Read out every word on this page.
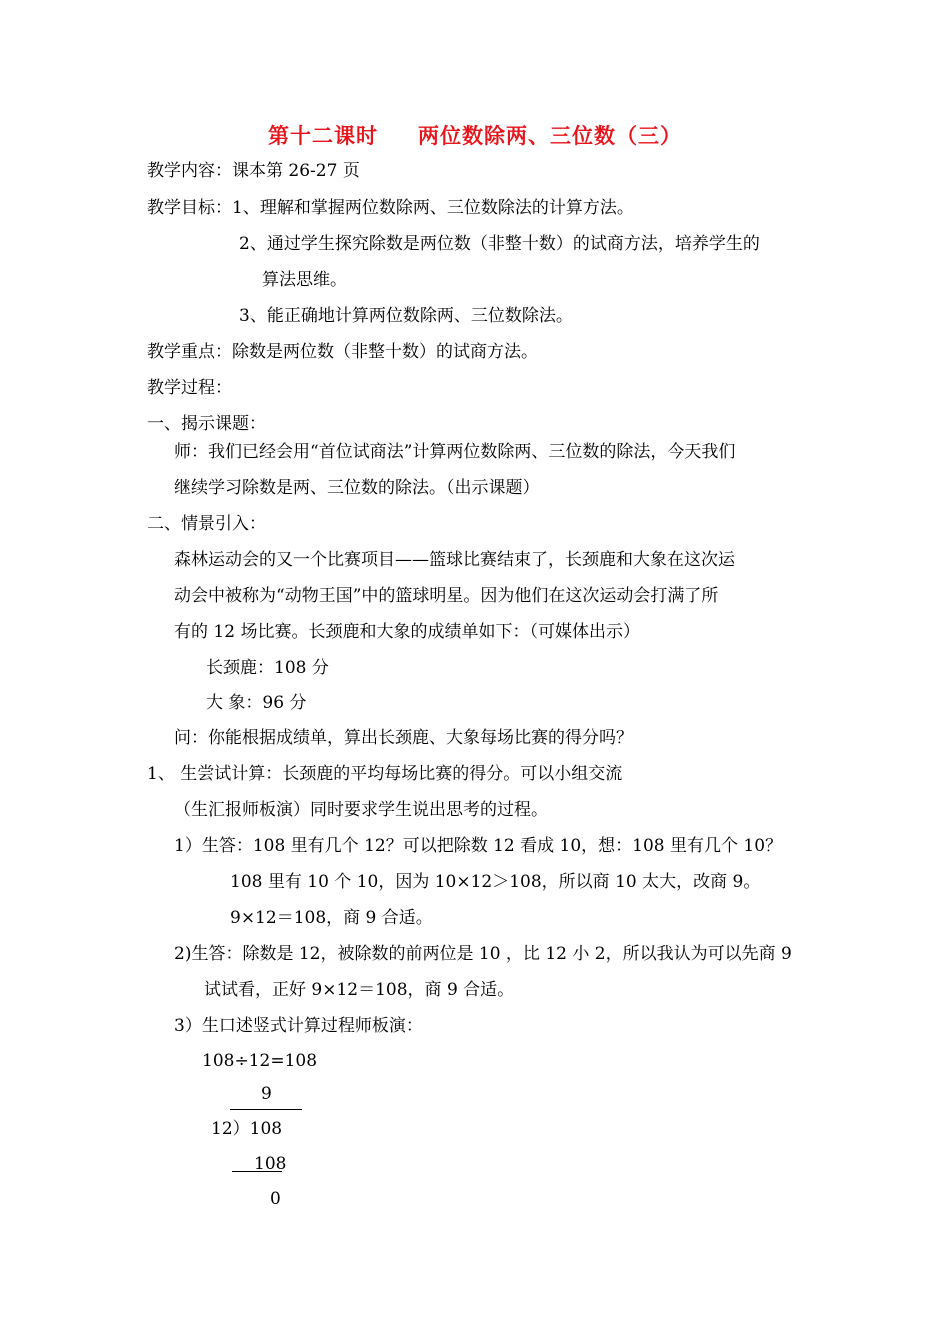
第十二课时 两位数除两、三位数（三）
教学内容：课本第 26-27 页
教学目标：1、理解和掌握两位数除两、三位数除法的计算方法。
2、通过学生探究除数是两位数（非整十数）的试商方法，培养学生的
算法思维。
3、能正确地计算两位数除两、三位数除法。
教学重点：除数是两位数（非整十数）的试商方法。
教学过程：
一、揭示课题：
师：我们已经会用“首位试商法”计算两位数除两、三位数的除法，今天我们
继续学习除数是两、三位数的除法。（出示课题）
二、情景引入：
森林运动会的又一个比赛项目——篮球比赛结束了，长颈鹿和大象在这次运
动会中被称为“动物王国”中的篮球明星。因为他们在这次运动会打满了所
有的 12 场比赛。长颈鹿和大象的成绩单如下：（可媒体出示）
长颈鹿：108 分
大 象：96 分
问：你能根据成绩单，算出长颈鹿、大象每场比赛的得分吗？
1、 生尝试计算：长颈鹿的平均每场比赛的得分。可以小组交流
（生汇报师板演）同时要求学生说出思考的过程。
1）生答：108 里有几个 12？可以把除数 12 看成 10，想：108 里有几个 10？
108 里有 10 个 10，因为 10×12＞108，所以商 10 太大，改商 9。
9×12＝108，商 9 合适。
2)生答：除数是 12，被除数的前两位是 10 ，比 12 小 2，所以我认为可以先商 9
试试看，正好 9×12＝108，商 9 合适。
3）生口述竖式计算过程师板演：
108÷12=108
9
12）108
108
0
